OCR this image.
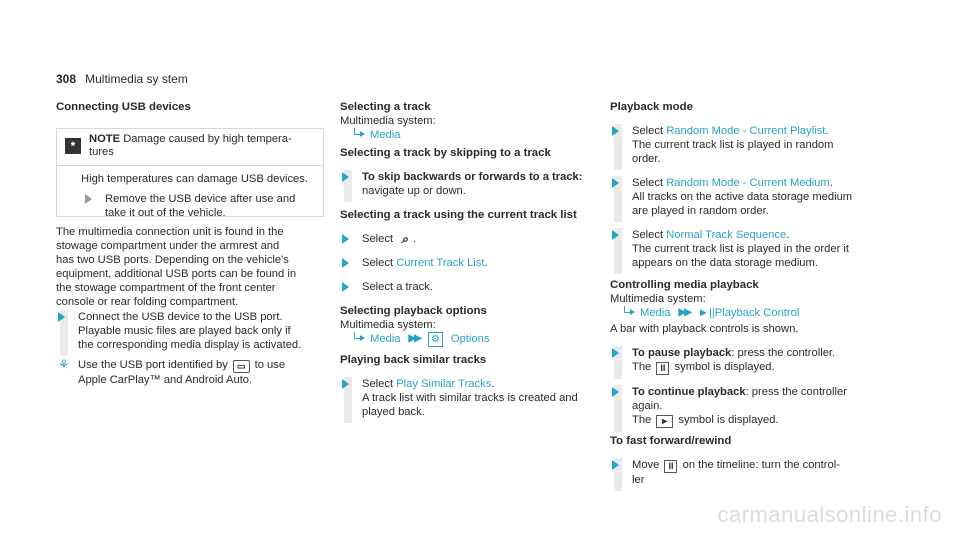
308 Multimedia sy stem

Connecting USB devices

*	NOTE Damage caused by high tempera‐
tures
High temperatures can damage USB devices.
Remove the USB device after use and
take it out of the vehicle.
The multimedia connection unit is found in the
stowage compartment under the armrest and
has two USB ports. Depending on the vehicle's
equipment, additional USB ports can be found in
the stowage compartment of the front center
console or rear folding compartment.
Connect the USB device to the USB port.
Playable music files are played back only if
the corresponding media display is activated.
⚘ Use the USB port identified by ▭ to use
Apple CarPlay™ and Android Auto.

Selecting a track

Multimedia system:

Media

Selecting a track by skipping to a track

To skip backwards or forwards to a track:
navigate up or down.

Selecting a track using the current track list

Select ⌕ .
Select Current Track List.
Select a track.

Selecting playback options

Multimedia system:

Media ▶▶	⚙ Options

Playing back similar tracks

Select Play Similar Tracks.
A track list with similar tracks is created and
played back.

Playback mode

Select Random Mode - Current Playlist.
The current track list is played in random
order.
Select Random Mode - Current Medium.
All tracks on the active data storage medium
are played in random order.
Select Normal Track Sequence.
The current track list is played in the order it
appears on the data storage medium.

Controlling media playback

Multimedia system:

Media ▶▶ ►||Playback Control

A bar with playback controls is shown.

To pause playback: press the controller.
The II symbol is displayed.
To continue playback: press the controller
again.
The ► symbol is displayed.

To fast forward/rewind

Move II on the timeline: turn the control‐
ler
carmanualsonline.info
